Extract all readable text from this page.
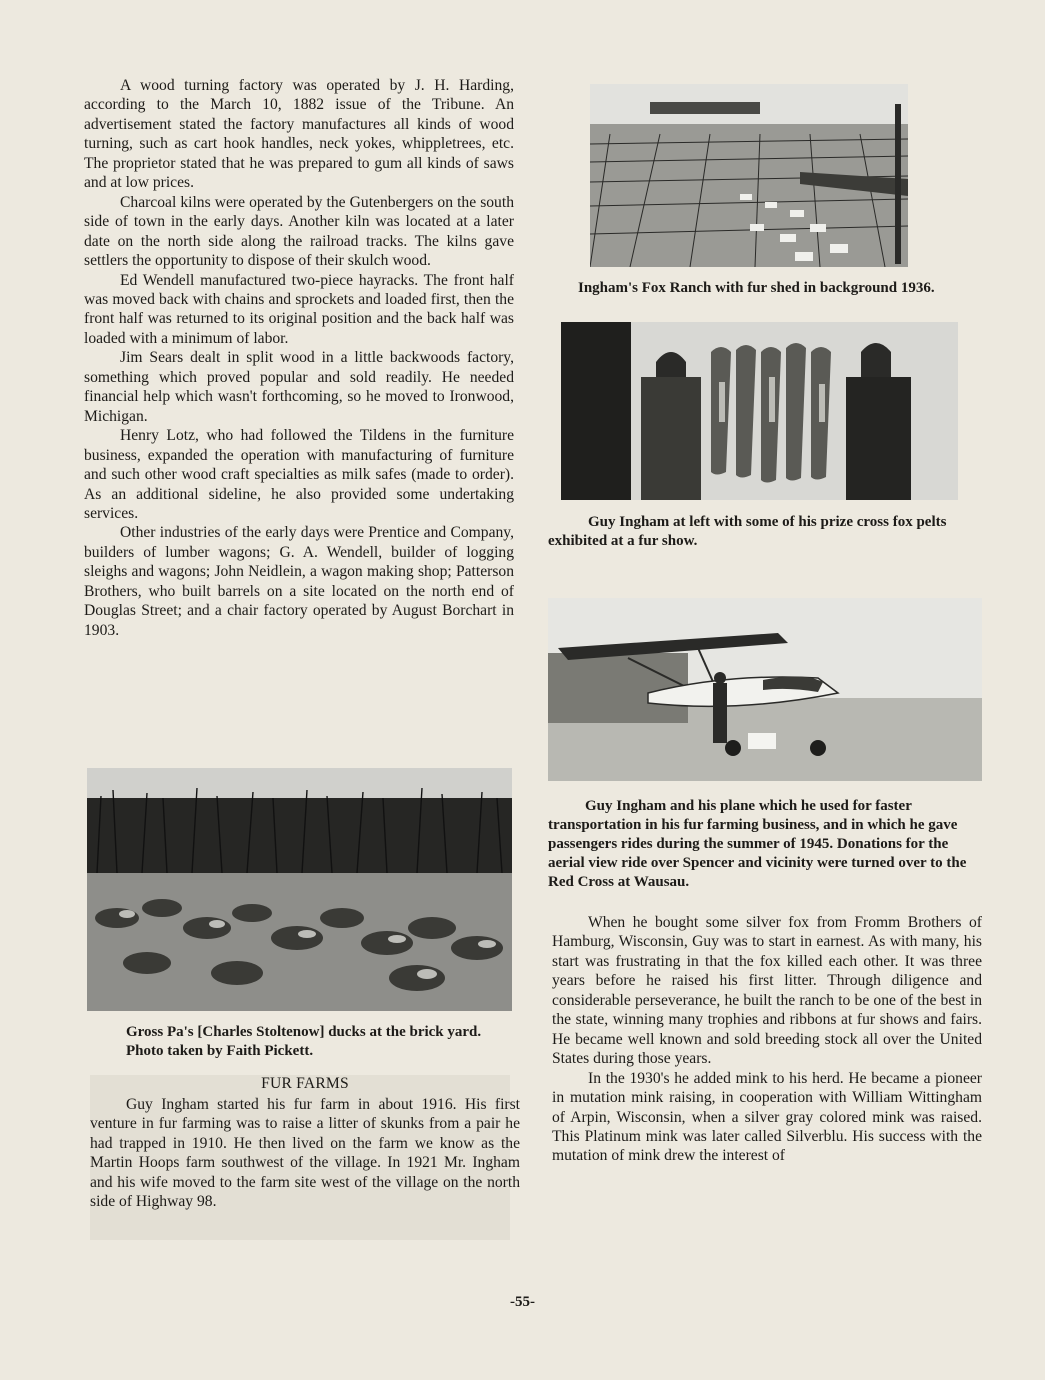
A wood turning factory was operated by J. H. Harding, according to the March 10, 1882 issue of the Tribune. An advertisement stated the factory manufactures all kinds of wood turning, such as cart hook handles, neck yokes, whippletrees, etc. The proprietor stated that he was prepared to gum all kinds of saws and at low prices.

Charcoal kilns were operated by the Gutenbergers on the south side of town in the early days. Another kiln was located at a later date on the north side along the railroad tracks. The kilns gave settlers the opportunity to dispose of their skulch wood.

Ed Wendell manufactured two-piece hayracks. The front half was moved back with chains and sprockets and loaded first, then the front half was returned to its original position and the back half was loaded with a minimum of labor.

Jim Sears dealt in split wood in a little backwoods factory, something which proved popular and sold readily. He needed financial help which wasn't forthcoming, so he moved to Ironwood, Michigan.

Henry Lotz, who had followed the Tildens in the furniture business, expanded the operation with manufacturing of furniture and such other wood craft specialties as milk safes (made to order). As an additional sideline, he also provided some undertaking services.

Other industries of the early days were Prentice and Company, builders of lumber wagons; G. A. Wendell, builder of logging sleighs and wagons; John Neidlein, a wagon making shop; Patterson Brothers, who built barrels on a site located on the north end of Douglas Street; and a chair factory operated by August Borchart in 1903.

Gross Pa's [Charles Stoltenow] ducks at the brick yard. Photo taken by Faith Pickett.

FUR FARMS

Guy Ingham started his fur farm in about 1916. His first venture in fur farming was to raise a litter of skunks from a pair he had trapped in 1910. He then lived on the farm we know as the Martin Hoops farm southwest of the village. In 1921 Mr. Ingham and his wife moved to the farm site west of the village on the north side of Highway 98.

Ingham's Fox Ranch with fur shed in background 1936.

Guy Ingham at left with some of his prize cross fox pelts exhibited at a fur show.

Guy Ingham and his plane which he used for faster transportation in his fur farming business, and in which he gave passengers rides during the summer of 1945. Donations for the aerial view ride over Spencer and vicinity were turned over to the Red Cross at Wausau.

When he bought some silver fox from Fromm Brothers of Hamburg, Wisconsin, Guy was to start in earnest. As with many, his start was frustrating in that the fox killed each other. It was three years before he raised his first litter. Through diligence and considerable perseverance, he built the ranch to be one of the best in the state, winning many trophies and ribbons at fur shows and fairs. He became well known and sold breeding stock all over the United States during those years.

In the 1930's he added mink to his herd. He became a pioneer in mutation mink raising, in cooperation with William Wittingham of Arpin, Wisconsin, when a silver gray colored mink was raised. This Platinum mink was later called Silverblu. His success with the mutation of mink drew the interest of

-55-
